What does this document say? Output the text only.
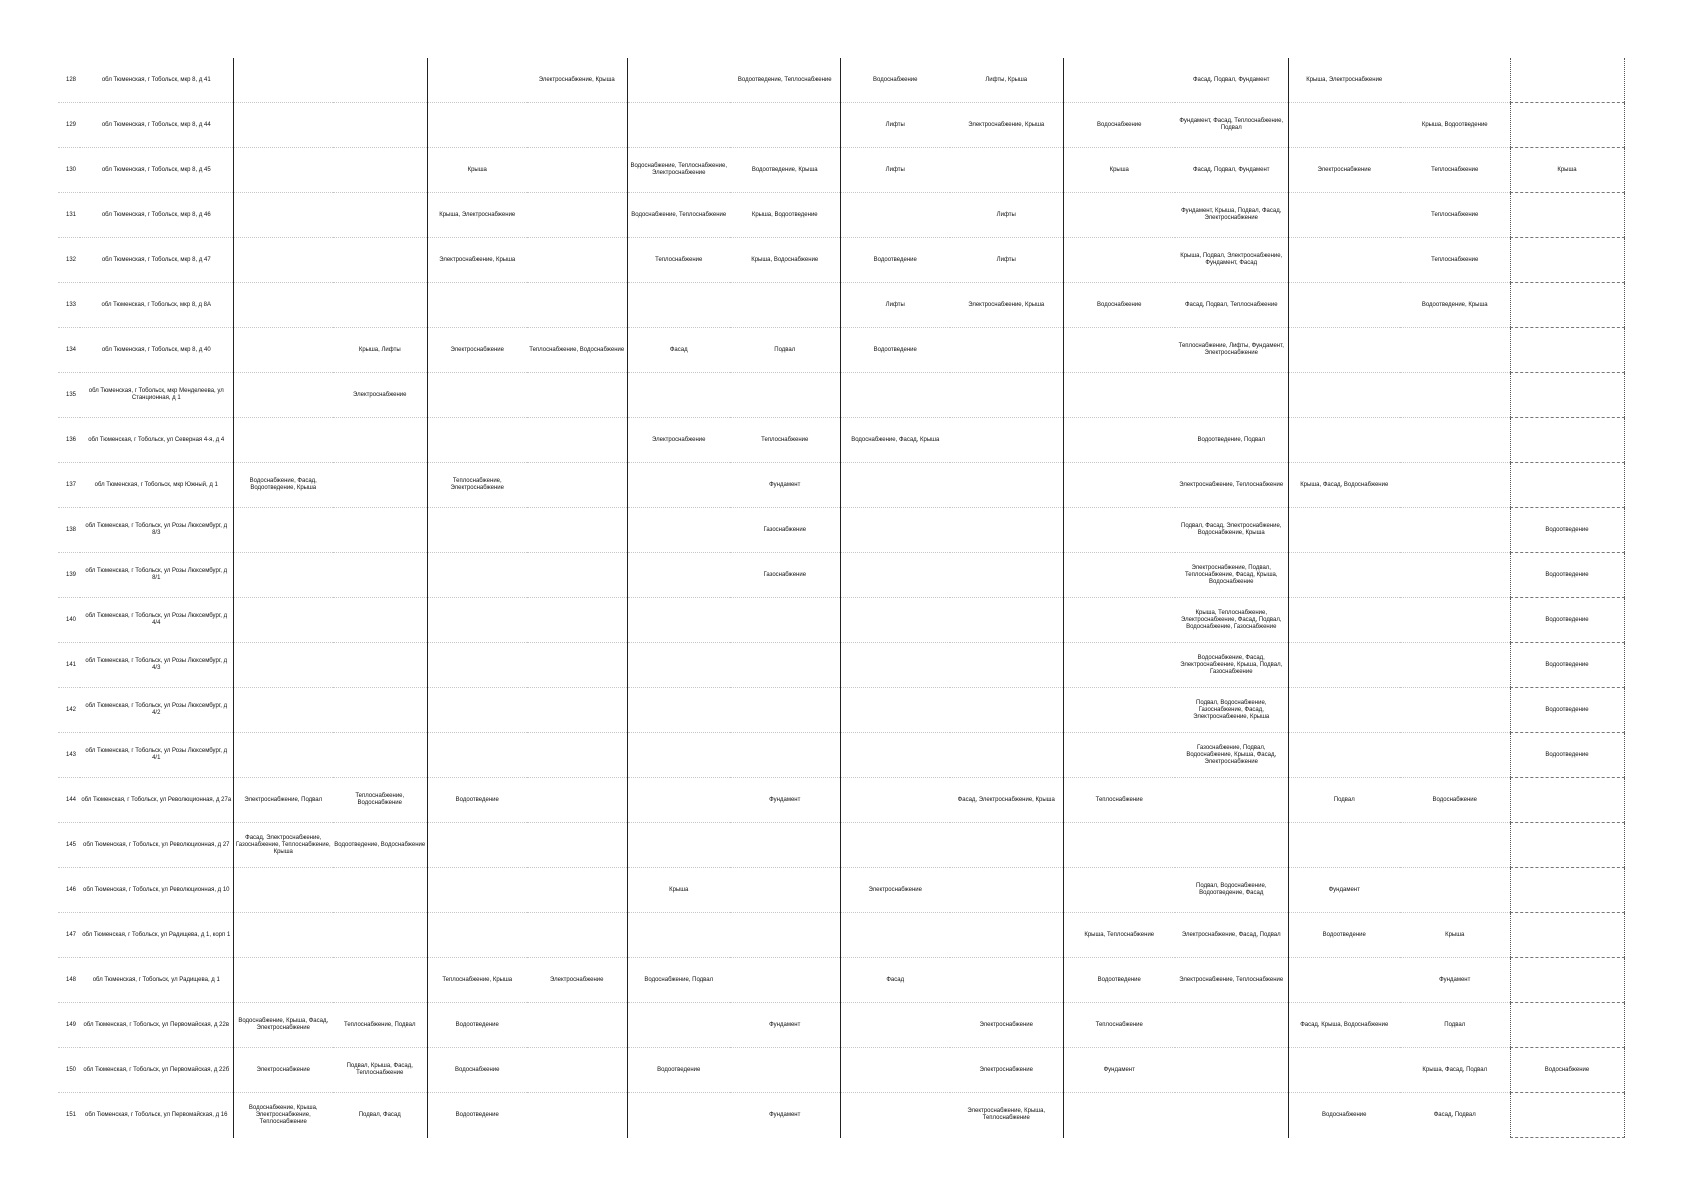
128	обл Тюменская, г Тобольск, мкр 8, д 41				Электроснабжение, Крыша		Водоотведение, Теплоснабжение	Водоснабжение	Лифты, Крыша		Фасад, Подвал, Фундамент	Крыша, Электроснабжение		
129	обл Тюменская, г Тобольск, мкр 8, д 44							Лифты	Электроснабжение, Крыша	Водоснабжение	Фундамент, Фасад, Теплоснабжение, Подвал		Крыша, Водоотведение	
130	обл Тюменская, г Тобольск, мкр 8, д 45			Крыша		Водоснабжение, Теплоснабжение, Электроснабжение	Водоотведение, Крыша	Лифты		Крыша	Фасад, Подвал, Фундамент	Электроснабжение	Теплоснабжение	Крыша
131	обл Тюменская, г Тобольск, мкр 8, д 46			Крыша, Электроснабжение		Водоснабжение, Теплоснабжение	Крыша, Водоотведение		Лифты		Фундамент, Крыша, Подвал, Фасад, Электроснабжение		Теплоснабжение	
132	обл Тюменская, г Тобольск, мкр 8, д 47			Электроснабжение, Крыша		Теплоснабжение	Крыша, Водоснабжение	Водоотведение	Лифты		Крыша, Подвал, Электроснабжение, Фундамент, Фасад		Теплоснабжение	
133	обл Тюменская, г Тобольск, мкр 8, д 8А							Лифты	Электроснабжение, Крыша	Водоснабжение	Фасад, Подвал, Теплоснабжение		Водоотведение, Крыша	
134	обл Тюменская, г Тобольск, мкр 8, д 40		Крыша, Лифты	Электроснабжение	Теплоснабжение, Водоснабжение	Фасад	Подвал	Водоотведение			Теплоснабжение, Лифты, Фундамент, Электроснабжение			
135	обл Тюменская, г Тобольск, мкр Менделеева, ул Станционная, д 1		Электроснабжение											
136	обл Тюменская, г Тобольск, ул Северная 4-я, д 4					Электроснабжение	Теплоснабжение	Водоснабжение, Фасад, Крыша			Водоотведение, Подвал			
137	обл Тюменская, г Тобольск, мкр Южный, д 1	Водоснабжение, Фасад, Водоотведение, Крыша		Теплоснабжение, Электроснабжение			Фундамент				Электроснабжение, Теплоснабжение	Крыша, Фасад, Водоснабжение		
138	обл Тюменская, г Тобольск, ул Розы Люксембург, д 8/3						Газоснабжение				Подвал, Фасад, Электроснабжение, Водоснабжение, Крыша			Водоотведение
139	обл Тюменская, г Тобольск, ул Розы Люксембург, д 8/1						Газоснабжение				Электроснабжение, Подвал, Теплоснабжение, Фасад, Крыша, Водоснабжение			Водоотведение
140	обл Тюменская, г Тобольск, ул Розы Люксембург, д 4/4										Крыша, Теплоснабжение, Электроснабжение, Фасад, Подвал, Водоснабжение, Газоснабжение			Водоотведение
141	обл Тюменская, г Тобольск, ул Розы Люксембург, д 4/3										Водоснабжение, Фасад, Электроснабжение, Крыша, Подвал, Газоснабжение			Водоотведение
142	обл Тюменская, г Тобольск, ул Розы Люксембург, д 4/2										Подвал, Водоснабжение, Газоснабжение, Фасад, Электроснабжение, Крыша			Водоотведение
143	обл Тюменская, г Тобольск, ул Розы Люксембург, д 4/1										Газоснабжение, Подвал, Водоснабжение, Крыша, Фасад, Электроснабжение			Водоотведение
144	обл Тюменская, г Тобольск, ул Революционная, д 27а	Электроснабжение, Подвал	Теплоснабжение, Водоснабжение	Водоотведение			Фундамент		Фасад, Электроснабжение, Крыша	Теплоснабжение		Подвал	Водоснабжение	
145	обл Тюменская, г Тобольск, ул Революционная, д 27	Фасад, Электроснабжение, Газоснабжение, Теплоснабжение, Крыша	Водоотведение, Водоснабжение											
146	обл Тюменская, г Тобольск, ул Революционная, д 10					Крыша		Электроснабжение			Подвал, Водоснабжение, Водоотведение, Фасад	Фундамент		
147	обл Тюменская, г Тобольск, ул Радищева, д 1, корп 1									Крыша, Теплоснабжение	Электроснабжение, Фасад, Подвал	Водоотведение	Крыша	
148	обл Тюменская, г Тобольск, ул Радищева, д 1			Теплоснабжение, Крыша	Электроснабжение	Водоснабжение, Подвал		Фасад		Водоотведение	Электроснабжение, Теплоснабжение		Фундамент	
149	обл Тюменская, г Тобольск, ул Первомайская, д 22в	Водоснабжение, Крыша, Фасад, Электроснабжение	Теплоснабжение, Подвал	Водоотведение			Фундамент		Электроснабжение	Теплоснабжение		Фасад, Крыша, Водоснабжение	Подвал	
150	обл Тюменская, г Тобольск, ул Первомайская, д 22б	Электроснабжение	Подвал, Крыша, Фасад, Теплоснабжение	Водоснабжение		Водоотведение			Электроснабжение	Фундамент			Крыша, Фасад, Подвал	Водоснабжение
151	обл Тюменская, г Тобольск, ул Первомайская, д 16	Водоснабжение, Крыша, Электроснабжение, Теплоснабжение	Подвал, Фасад	Водоотведение			Фундамент		Электроснабжение, Крыша, Теплоснабжение			Водоснабжение	Фасад, Подвал	
